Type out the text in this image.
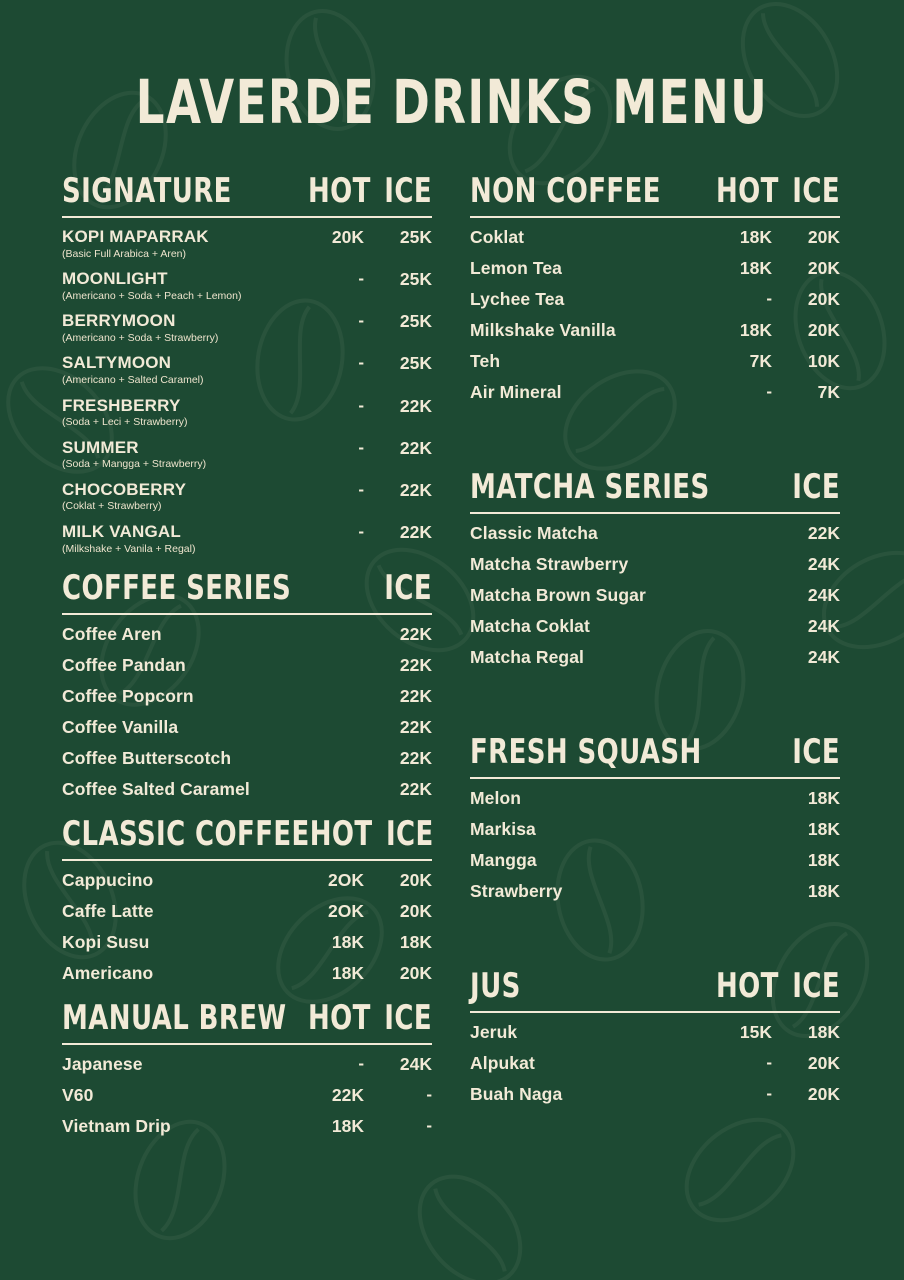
LAVERDE DRINKS MENU
SIGNATURE	HOT ICE
KOPI MAPARRAK
(Basic Full Arabica + Aren)
20K	25K
MOONLIGHT
(Americano + Soda + Peach + Lemon)
-	25K
BERRYMOON
(Americano + Soda + Strawberry)
-	25K
SALTYMOON
(Americano + Salted Caramel)
-	25K
FRESHBERRY
(Soda + Leci + Strawberry)
-	22K
SUMMER
(Soda + Mangga + Strawberry)
-	22K
CHOCOBERRY
(Coklat + Strawberry)
-	22K
MILK VANGAL
(Milkshake + Vanila + Regal)
-	22K
COFFEE SERIES	ICE
Coffee Aren	22K
Coffee Pandan	22K
Coffee Popcorn	22K
Coffee Vanilla	22K
Coffee Butterscotch	22K
Coffee Salted Caramel	22K
CLASSIC COFFEE HOT ICE
Cappucino	2OK	20K
Caffe Latte	2OK	20K
Kopi Susu	18K	18K
Americano	18K	20K
MANUAL BREW HOT ICE
Japanese	-	24K
V60	22K	-
Vietnam Drip	18K	-
NON COFFEE HOT ICE
Coklat	18K	20K
Lemon Tea	18K	20K
Lychee Tea	-	20K
Milkshake Vanilla	18K	20K
Teh	7K	10K
Air Mineral	-	7K
MATCHA SERIES	ICE
Classic Matcha	22K
Matcha Strawberry	24K
Matcha Brown Sugar	24K
Matcha Coklat	24K
Matcha Regal	24K
FRESH SQUASH	ICE
Melon	18K
Markisa	18K
Mangga	18K
Strawberry	18K
JUS	HOT ICE
Jeruk	15K	18K
Alpukat	-	20K
Buah Naga	-	20K
